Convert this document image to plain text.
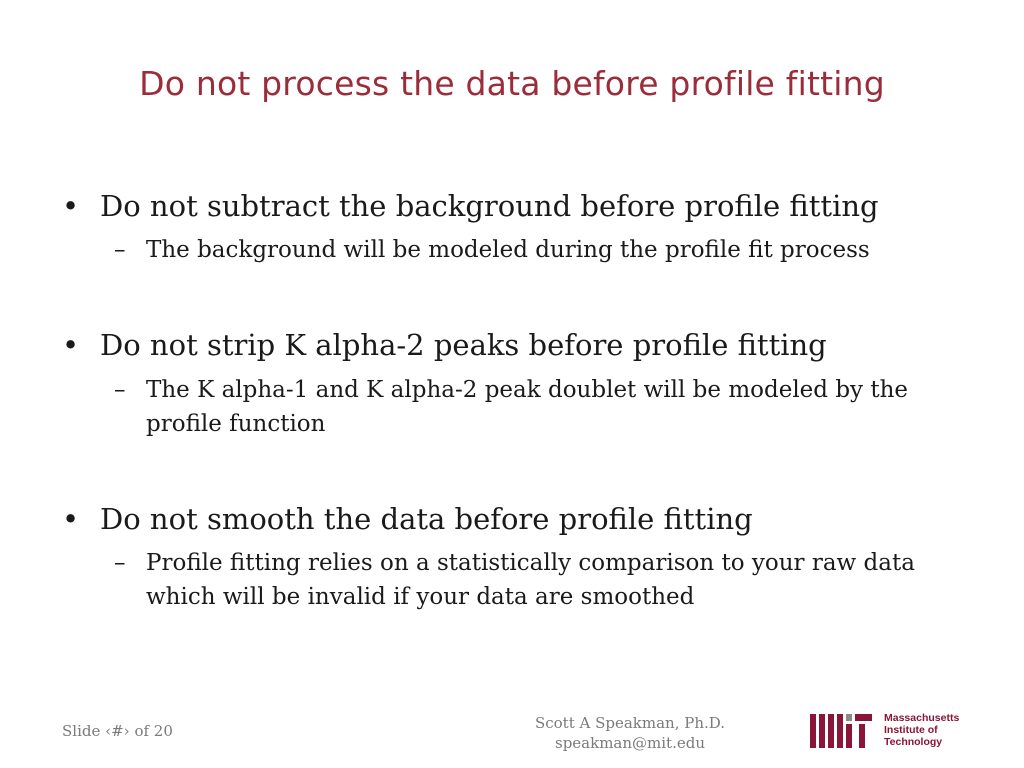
Do not process the data before profile fitting
• Do not subtract the background before profile fitting
– The background will be modeled during the profile fit process
• Do not strip K alpha-2 peaks before profile fitting
– The K alpha-1 and K alpha-2 peak doublet will be modeled by the profile function
• Do not smooth the data before profile fitting
– Profile fitting relies on a statistically comparison to your raw data which will be invalid if your data are smoothed
Slide ‹#› of 20	Scott A Speakman, Ph.D.
speakman@mit.edu
Massachusetts
Institute of
Technology
